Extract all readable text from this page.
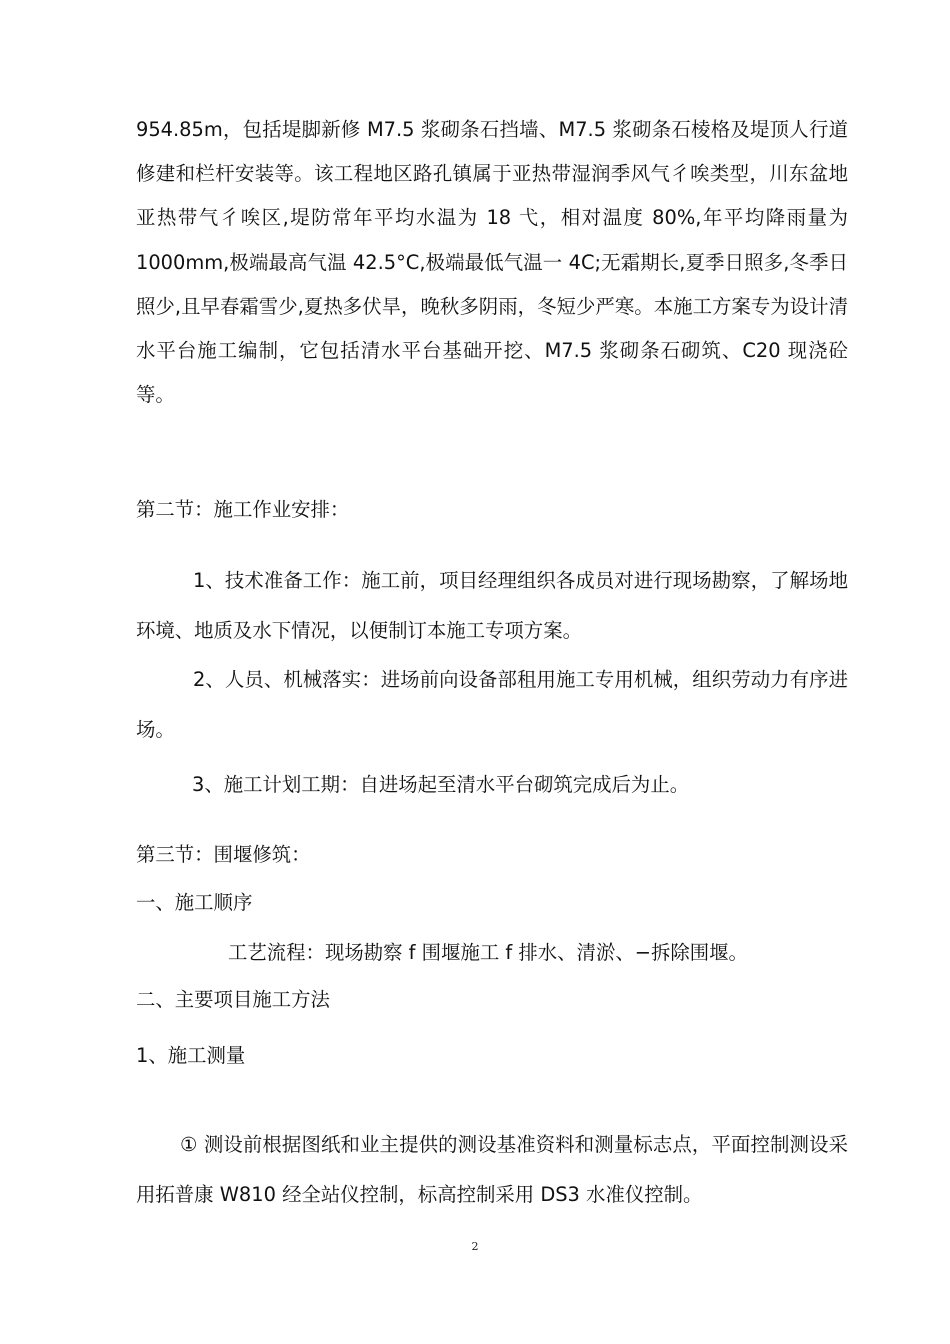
954.85m，包括堤脚新修 M7.5 浆砌条石挡墙、M7.5 浆砌条石棱格及堤顶人行道修建和栏杆安装等。该工程地区路孔镇属于亚热带湿润季风气彳唉类型，川东盆地亚热带气彳唉区,堤防常年平均水温为 18 弋，相对温度 80%,年平均降雨量为 1000mm,极端最高气温 42.5°C,极端最低气温一 4C;无霜期长,夏季日照多,冬季日照少,且早春霜雪少,夏热多伏旱，晚秋多阴雨，冬短少严寒。本施工方案专为设计清水平台施工编制，它包括清水平台基础开挖、M7.5 浆砌条石砌筑、C20 现浇砼等。

第二节：施工作业安排：

1、技术准备工作：施工前，项目经理组织各成员对进行现场勘察，了解场地环境、地质及水下情况，以便制订本施工专项方案。

2、人员、机械落实：进场前向设备部租用施工专用机械，组织劳动力有序进场。

3、施工计划工期：自进场起至清水平台砌筑完成后为止。

第三节：围堰修筑：

一、施工顺序

工艺流程：现场勘察 f 围堰施工 f 排水、清淤、−拆除围堰。

二、主要项目施工方法

1、施工测量

① 测设前根据图纸和业主提供的测设基准资料和测量标志点，平面控制测设采用拓普康 W810 经全站仪控制，标高控制采用 DS3 水准仪控制。

2
